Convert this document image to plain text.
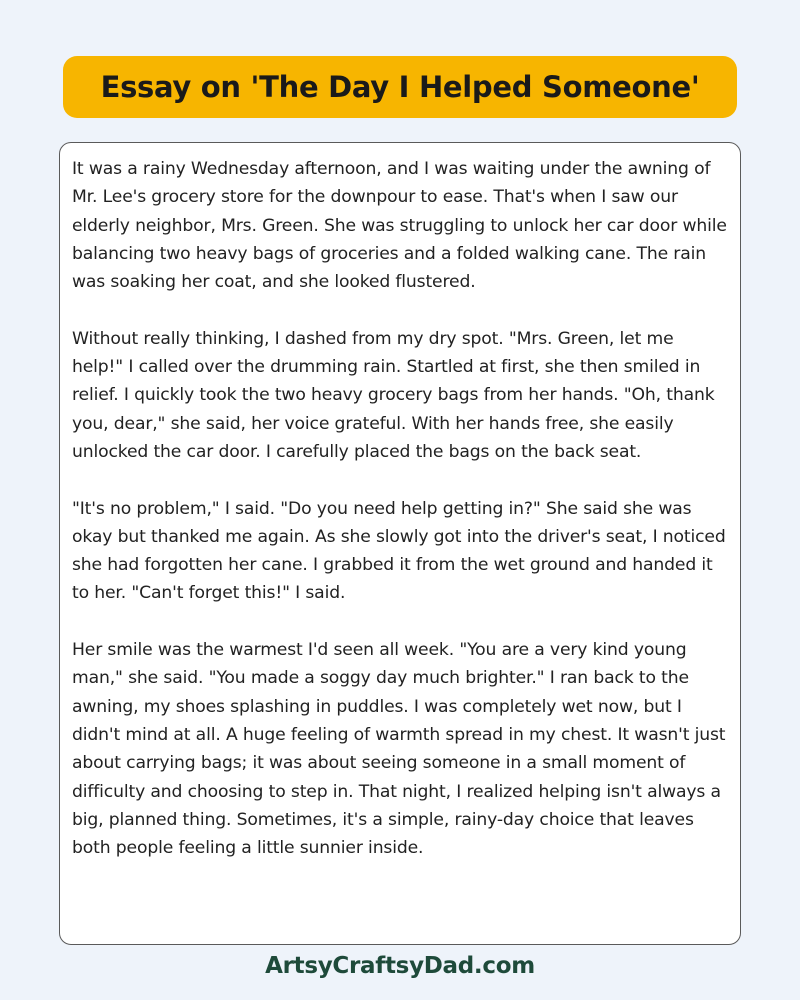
Essay on 'The Day I Helped Someone'

It was a rainy Wednesday afternoon, and I was waiting under the awning of Mr. Lee's grocery store for the downpour to ease. That's when I saw our elderly neighbor, Mrs. Green. She was struggling to unlock her car door while balancing two heavy bags of groceries and a folded walking cane. The rain was soaking her coat, and she looked flustered.

Without really thinking, I dashed from my dry spot. "Mrs. Green, let me help!" I called over the drumming rain. Startled at first, she then smiled in relief. I quickly took the two heavy grocery bags from her hands. "Oh, thank you, dear," she said, her voice grateful. With her hands free, she easily unlocked the car door. I carefully placed the bags on the back seat.

"It's no problem," I said. "Do you need help getting in?" She said she was okay but thanked me again. As she slowly got into the driver's seat, I noticed she had forgotten her cane. I grabbed it from the wet ground and handed it to her. "Can't forget this!" I said.

Her smile was the warmest I'd seen all week. "You are a very kind young man," she said. "You made a soggy day much brighter." I ran back to the awning, my shoes splashing in puddles. I was completely wet now, but I didn't mind at all. A huge feeling of warmth spread in my chest. It wasn't just about carrying bags; it was about seeing someone in a small moment of difficulty and choosing to step in. That night, I realized helping isn't always a big, planned thing. Sometimes, it's a simple, rainy-day choice that leaves both people feeling a little sunnier inside.

ArtsyCraftsyDad.com
